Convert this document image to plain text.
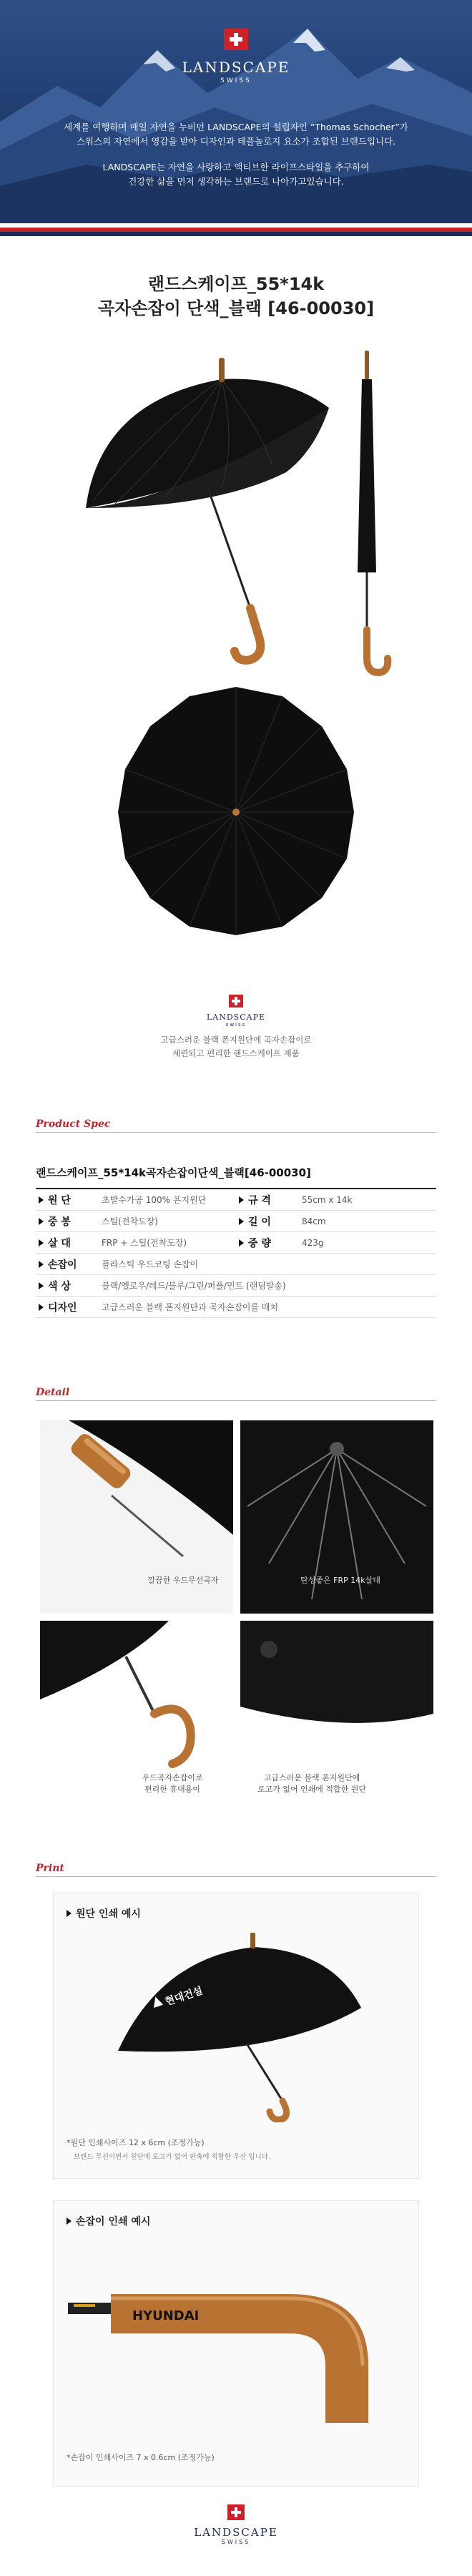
LANDSCAPE
SWISS
세계를 여행하며 매일 자연을 누비던 LANDSCAPE의 설립자인 “Thomas Schocher”가
스위스의 자연에서 영감을 받아 디자인과 테플놀로지 요소가 조합된 브랜드입니다.
LANDSCAPE는 자연을 사랑하고 액티브한 라이프스타일을 추구하여
건강한 삶을 먼저 생각하는 브랜드로 나아가고있습니다.
랜드스케이프_55*14k
곡자손잡이 단색_블랙 [46-00030]
LANDSCAPE
swiss
고급스러운 블랙 폰지원단에 곡자손잡이로
세련되고 편리한 랜드스케이프 제품
Product Spec
랜드스케이프_55*14k곡자손잡이단색_블랙[46-00030]
원 단	초발수가공 100% 폰지원단	규 격	55cm x 14k
중 봉	스틸(전착도장)	길 이	84cm
살 대	FRP + 스틸(전착도장)	중 량	423g
손잡이	플라스틱 우드코팅 손잡이
색 상	블랙/옐로우/레드/블루/그린/퍼플/민트 (랜덤발송)
디자인	고급스러운 블랙 폰지원단과 곡자손잡이를 매치
Detail
깔끔한 우드무선곡자	탄성좋은 FRP 14k살대
우드곡자손잡이로
편리한 휴대용이
고급스러운 블랙 폰지원단에
로고가 없어 인쇄에 적합한 원단
Print
원단 인쇄 예시
현대건설
*원단 인쇄사이즈 12 x 6cm (조정가능)
브랜드 무선이면서 원단에 로고가 없어 판촉에 적합한 우산 입니다.
손잡이 인쇄 예시
HYUNDAI
*손잡이 인쇄사이즈 7 x 0.6cm (조정가능)
LANDSCAPE
SWISS
